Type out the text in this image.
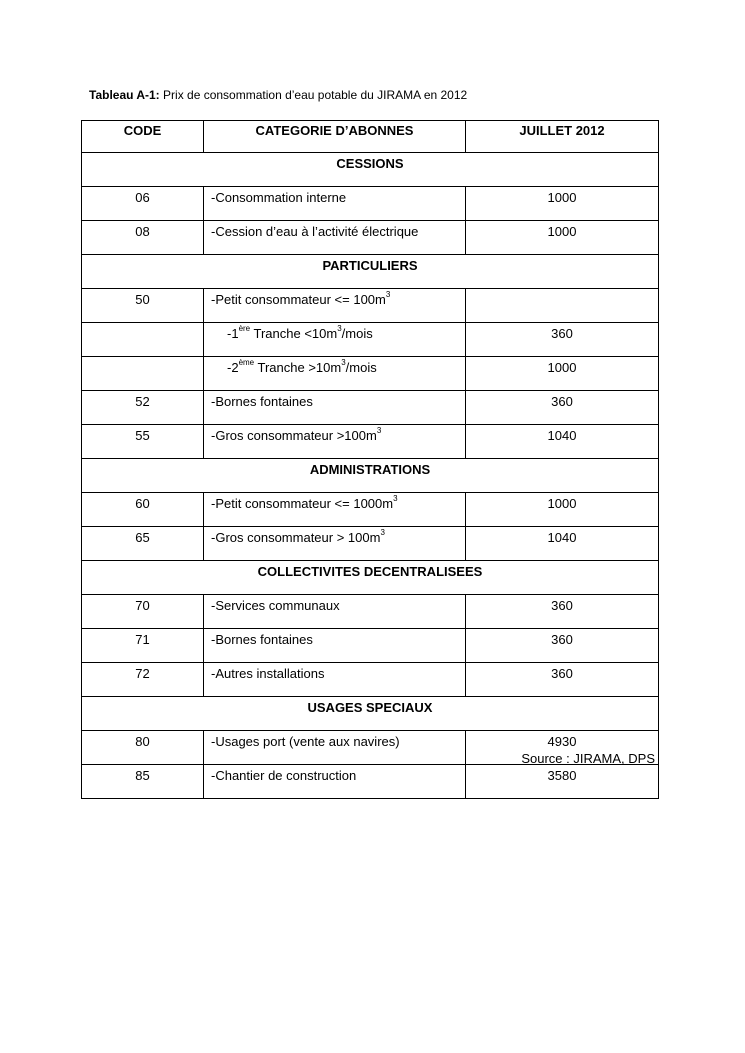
Tableau A-1: Prix de consommation d’eau potable du JIRAMA en 2012
CODE	CATEGORIE D’ABONNES	JUILLET 2012
CESSIONS		
06	-Consommation interne	1000
08	-Cession d’eau à l’activité électrique	1000
PARTICULIERS		
50	-Petit consommateur <= $100m^3$	
	-1ère Tranche $<10m^3$/mois	360
	-2ème Tranche $>10m^3$/mois	1000
52	-Bornes fontaines	360
55	-Gros consommateur $>100m^3$	1040
ADMINISTRATIONS		
60	-Petit consommateur <= $1000m^3$	1000
65	-Gros consommateur > $100m^3$	1040
COLLECTIVITES DECENTRALISEES		
70	-Services communaux	360
71	-Bornes fontaines	360
72	-Autres installations	360
USAGES SPECIAUX		
80	-Usages port (vente aux navires)	4930
85	-Chantier de construction	3580
Source : JIRAMA, DPS
